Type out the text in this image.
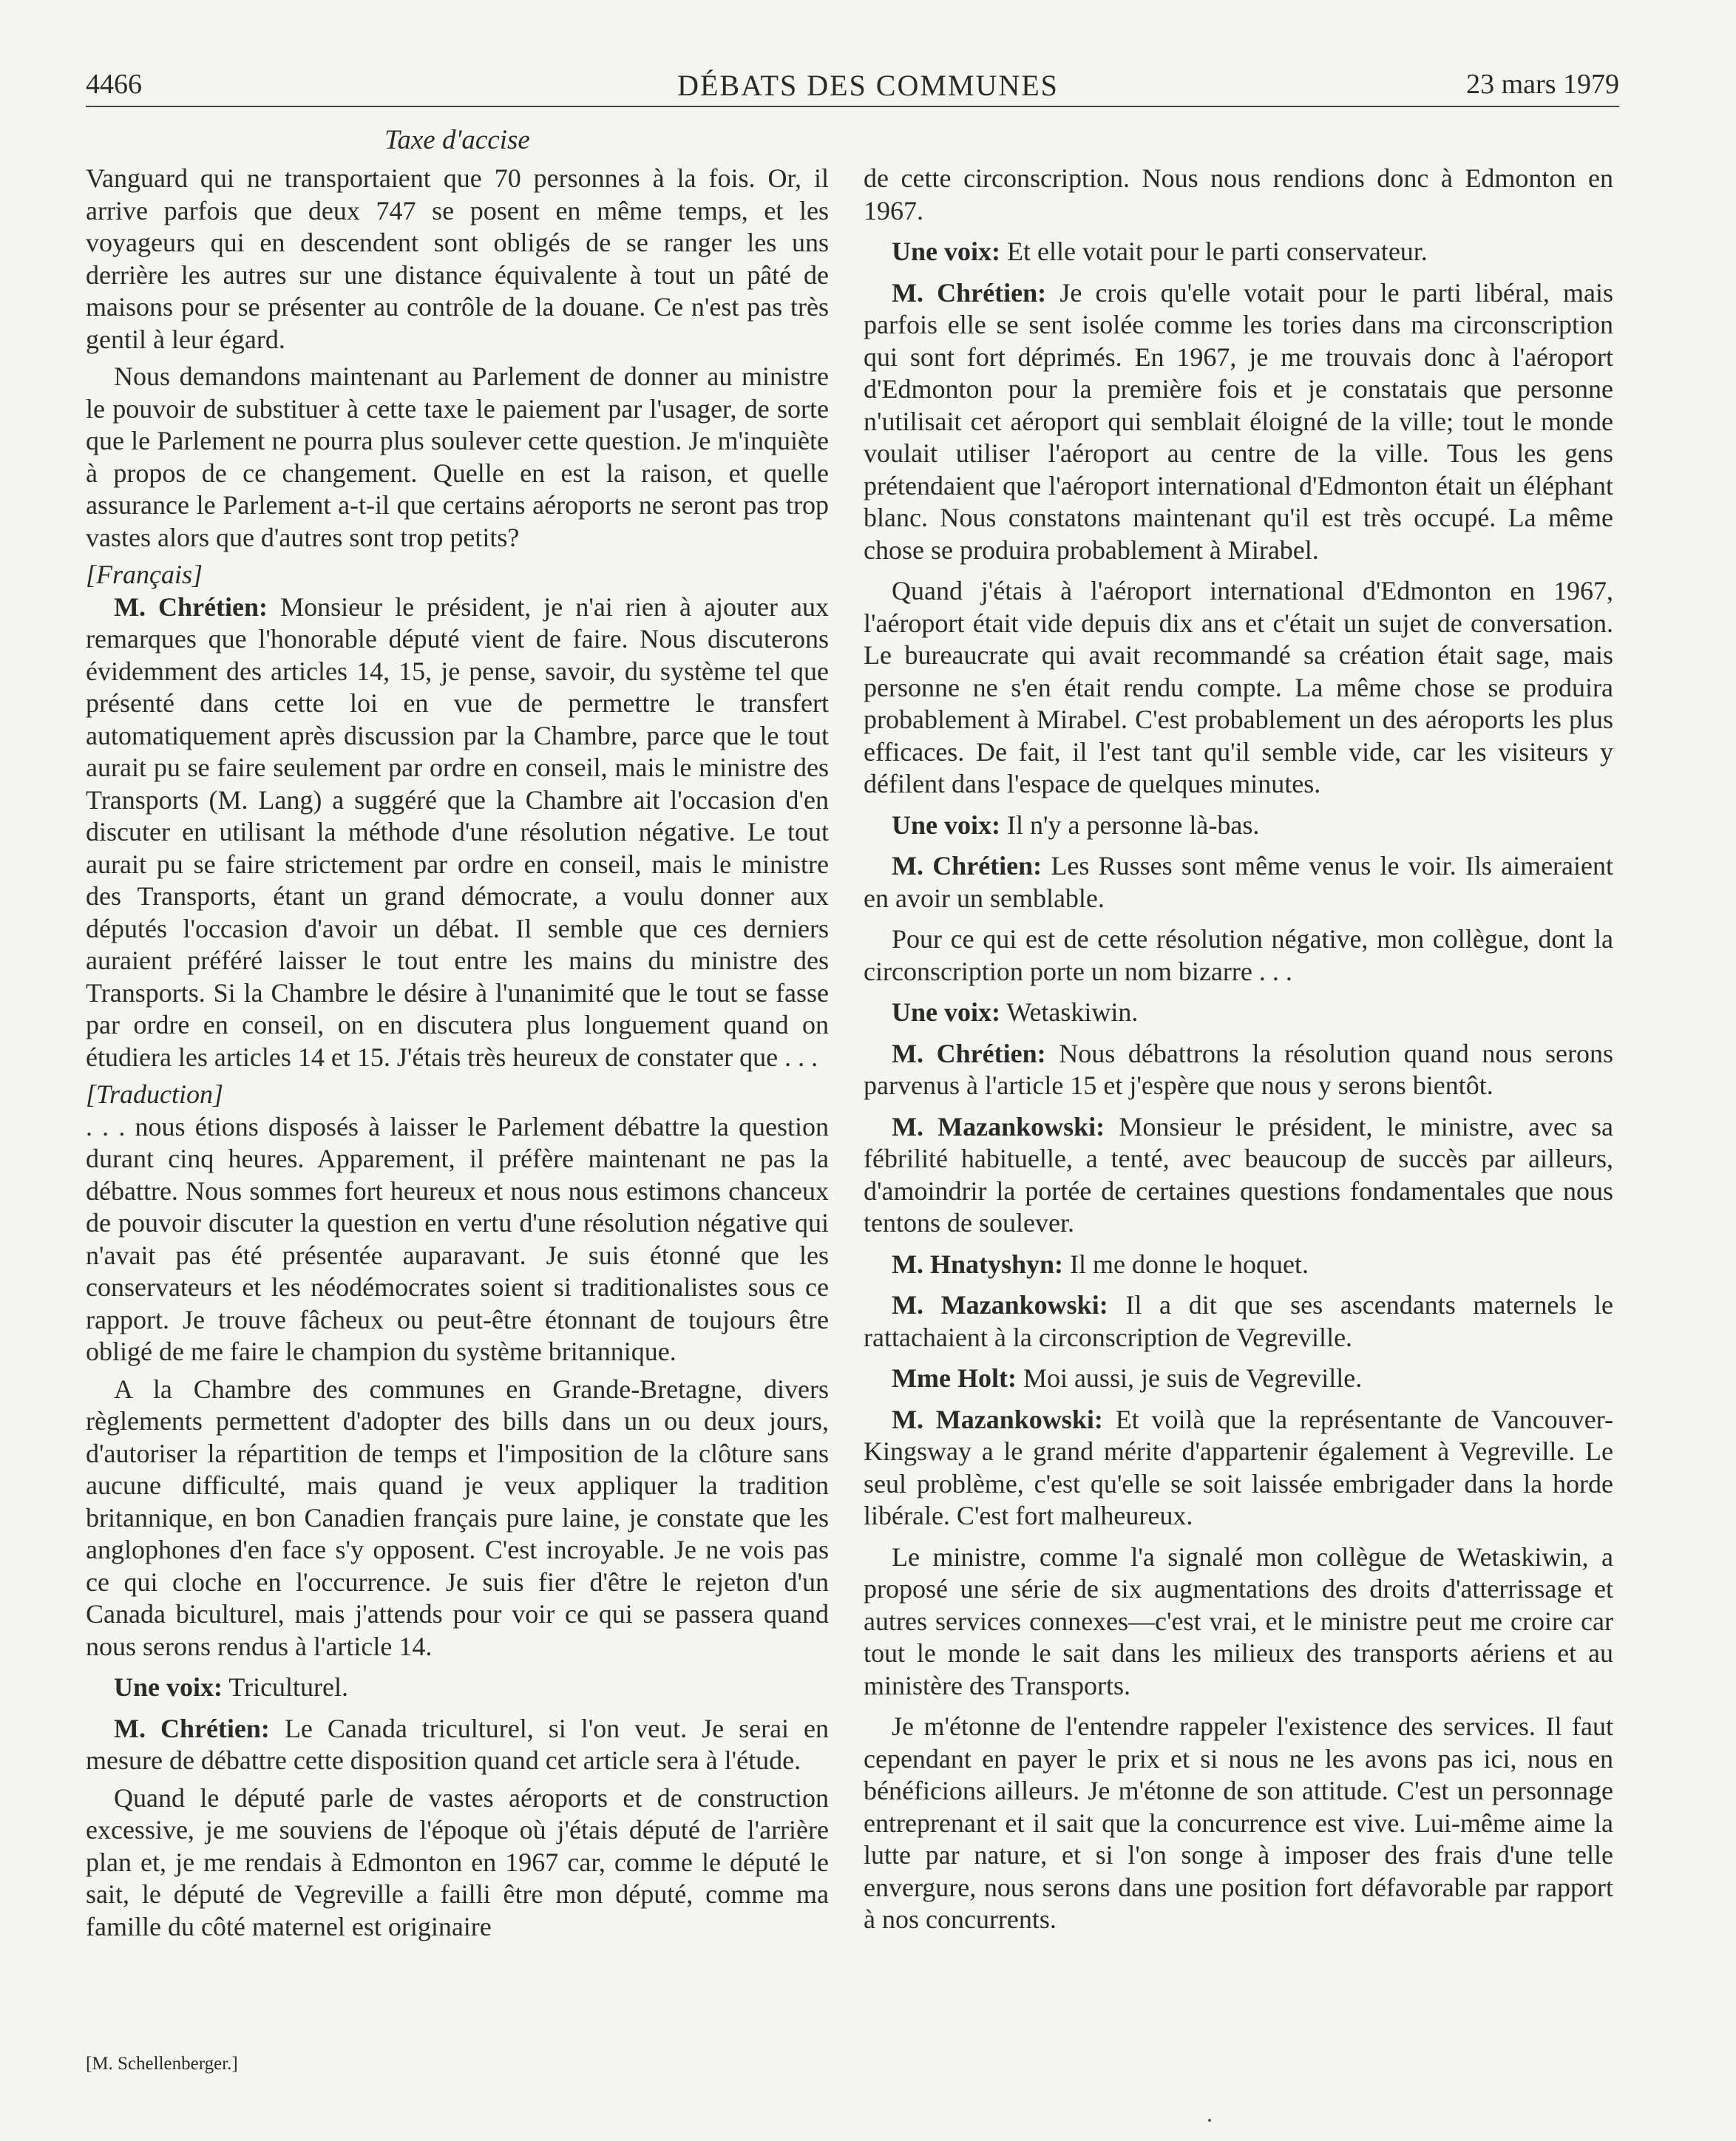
4466	DÉBATS DES COMMUNES	23 mars 1979
Taxe d'accise

Vanguard qui ne transportaient que 70 personnes à la fois. Or, il arrive parfois que deux 747 se posent en même temps, et les voyageurs qui en descendent sont obligés de se ranger les uns derrière les autres sur une distance équivalente à tout un pâté de maisons pour se présenter au contrôle de la douane. Ce n'est pas très gentil à leur égard.

Nous demandons maintenant au Parlement de donner au ministre le pouvoir de substituer à cette taxe le paiement par l'usager, de sorte que le Parlement ne pourra plus soulever cette question. Je m'inquiète à propos de ce changement. Quelle en est la raison, et quelle assurance le Parlement a-t-il que certains aéroports ne seront pas trop vastes alors que d'autres sont trop petits?

[Français]

M. Chrétien: Monsieur le président, je n'ai rien à ajouter aux remarques que l'honorable député vient de faire. Nous discuterons évidemment des articles 14, 15, je pense, savoir, du système tel que présenté dans cette loi en vue de permettre le transfert automatiquement après discussion par la Chambre, parce que le tout aurait pu se faire seulement par ordre en conseil, mais le ministre des Transports (M. Lang) a suggéré que la Chambre ait l'occasion d'en discuter en utilisant la méthode d'une résolution négative. Le tout aurait pu se faire strictement par ordre en conseil, mais le ministre des Transports, étant un grand démocrate, a voulu donner aux députés l'occasion d'avoir un débat. Il semble que ces derniers auraient préféré laisser le tout entre les mains du ministre des Transports. Si la Chambre le désire à l'unanimité que le tout se fasse par ordre en conseil, on en discutera plus longuement quand on étudiera les articles 14 et 15. J'étais très heureux de constater que . . .

[Traduction]

. . . nous étions disposés à laisser le Parlement débattre la question durant cinq heures. Apparement, il préfère maintenant ne pas la débattre. Nous sommes fort heureux et nous nous estimons chanceux de pouvoir discuter la question en vertu d'une résolution négative qui n'avait pas été présentée auparavant. Je suis étonné que les conservateurs et les néodémocrates soient si traditionalistes sous ce rapport. Je trouve fâcheux ou peut-être étonnant de toujours être obligé de me faire le champion du système britannique.

A la Chambre des communes en Grande-Bretagne, divers règlements permettent d'adopter des bills dans un ou deux jours, d'autoriser la répartition de temps et l'imposition de la clôture sans aucune difficulté, mais quand je veux appliquer la tradition britannique, en bon Canadien français pure laine, je constate que les anglophones d'en face s'y opposent. C'est incroyable. Je ne vois pas ce qui cloche en l'occurrence. Je suis fier d'être le rejeton d'un Canada biculturel, mais j'attends pour voir ce qui se passera quand nous serons rendus à l'article 14.

Une voix: Triculturel.

M. Chrétien: Le Canada triculturel, si l'on veut. Je serai en mesure de débattre cette disposition quand cet article sera à l'étude.

Quand le député parle de vastes aéroports et de construction excessive, je me souviens de l'époque où j'étais député de l'arrière plan et, je me rendais à Edmonton en 1967 car, comme le député le sait, le député de Vegreville a failli être mon député, comme ma famille du côté maternel est originaire

de cette circonscription. Nous nous rendions donc à Edmonton en 1967.

Une voix: Et elle votait pour le parti conservateur.

M. Chrétien: Je crois qu'elle votait pour le parti libéral, mais parfois elle se sent isolée comme les tories dans ma circonscription qui sont fort déprimés. En 1967, je me trouvais donc à l'aéroport d'Edmonton pour la première fois et je constatais que personne n'utilisait cet aéroport qui semblait éloigné de la ville; tout le monde voulait utiliser l'aéroport au centre de la ville. Tous les gens prétendaient que l'aéroport international d'Edmonton était un éléphant blanc. Nous constatons maintenant qu'il est très occupé. La même chose se produira probablement à Mirabel.

Quand j'étais à l'aéroport international d'Edmonton en 1967, l'aéroport était vide depuis dix ans et c'était un sujet de conversation. Le bureaucrate qui avait recommandé sa création était sage, mais personne ne s'en était rendu compte. La même chose se produira probablement à Mirabel. C'est probablement un des aéroports les plus efficaces. De fait, il l'est tant qu'il semble vide, car les visiteurs y défilent dans l'espace de quelques minutes.

Une voix: Il n'y a personne là-bas.

M. Chrétien: Les Russes sont même venus le voir. Ils aimeraient en avoir un semblable.

Pour ce qui est de cette résolution négative, mon collègue, dont la circonscription porte un nom bizarre . . .

Une voix: Wetaskiwin.

M. Chrétien: Nous débattrons la résolution quand nous serons parvenus à l'article 15 et j'espère que nous y serons bientôt.

M. Mazankowski: Monsieur le président, le ministre, avec sa fébrilité habituelle, a tenté, avec beaucoup de succès par ailleurs, d'amoindrir la portée de certaines questions fondamentales que nous tentons de soulever.

M. Hnatyshyn: Il me donne le hoquet.

M. Mazankowski: Il a dit que ses ascendants maternels le rattachaient à la circonscription de Vegreville.

Mme Holt: Moi aussi, je suis de Vegreville.

M. Mazankowski: Et voilà que la représentante de Vancouver-Kingsway a le grand mérite d'appartenir également à Vegreville. Le seul problème, c'est qu'elle se soit laissée embrigader dans la horde libérale. C'est fort malheureux.

Le ministre, comme l'a signalé mon collègue de Wetaskiwin, a proposé une série de six augmentations des droits d'atterrissage et autres services connexes—c'est vrai, et le ministre peut me croire car tout le monde le sait dans les milieux des transports aériens et au ministère des Transports.

Je m'étonne de l'entendre rappeler l'existence des services. Il faut cependant en payer le prix et si nous ne les avons pas ici, nous en bénéficions ailleurs. Je m'étonne de son attitude. C'est un personnage entreprenant et il sait que la concurrence est vive. Lui-même aime la lutte par nature, et si l'on songe à imposer des frais d'une telle envergure, nous serons dans une position fort défavorable par rapport à nos concurrents.

[M. Schellenberger.]
